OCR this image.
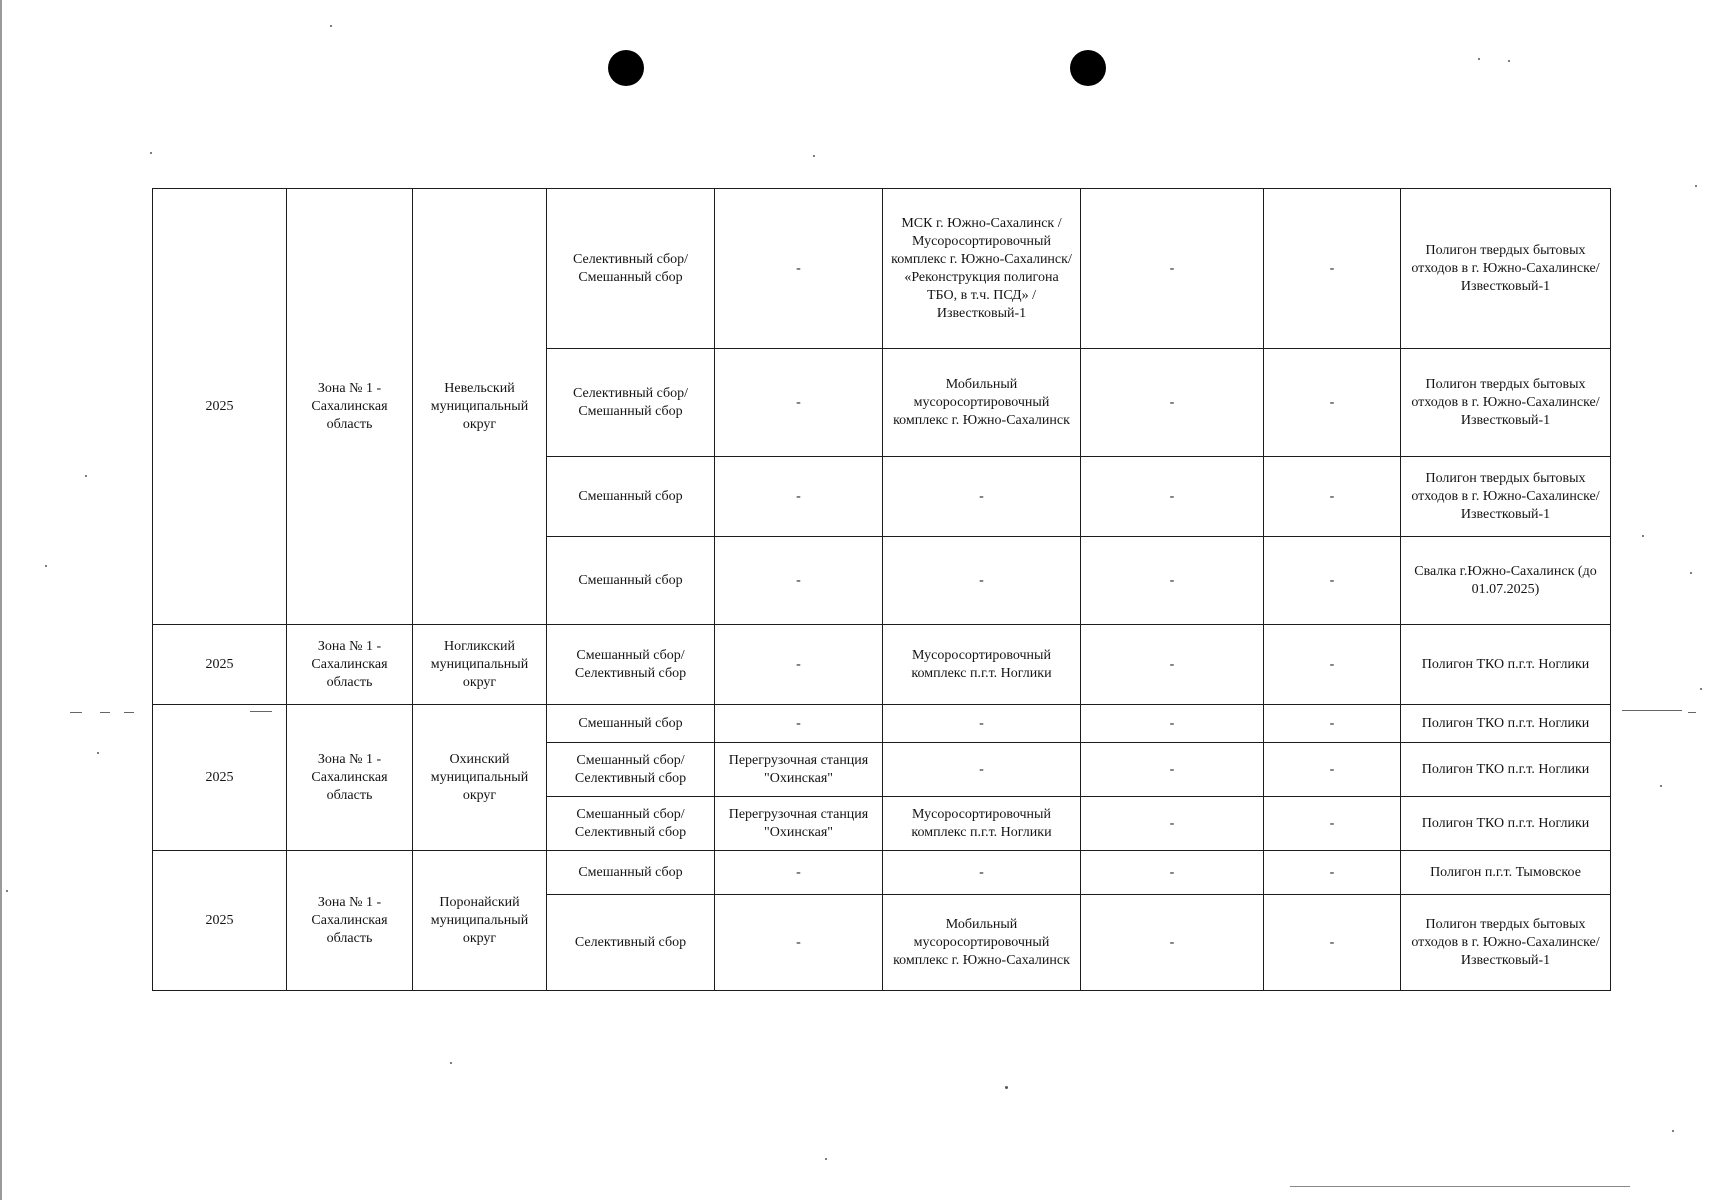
2025	Зона № 1 - Сахалинская область	Невельский муниципальный округ	Селективный сбор/ Смешанный сбор	-	МСК г. Южно-Сахалинск / Мусоросортировочный комплекс г. Южно-Сахалинск/ «Реконструкция полигона ТБО, в т.ч. ПСД» / Известковый-1	-	-	Полигон твердых бытовых отходов в г. Южно-Сахалинске/Известковый-1
			Селективный сбор/ Смешанный сбор	-	Мобильный мусоросортировочный комплекс г. Южно-Сахалинск	-	-	Полигон твердых бытовых отходов в г. Южно-Сахалинске/Известковый-1
			Смешанный сбор	-	-	-	-	Полигон твердых бытовых отходов в г. Южно-Сахалинске/Известковый-1
			Смешанный сбор	-	-	-	-	Свалка г.Южно-Сахалинск (до 01.07.2025)
2025	Зона № 1 - Сахалинская область	Ногликский муниципальный округ	Смешанный сбор/ Селективный сбор	-	Мусоросортировочный комплекс п.г.т. Ноглики	-	-	Полигон ТКО п.г.т. Ноглики
2025	Зона № 1 - Сахалинская область	Охинский муниципальный округ	Смешанный сбор	-	-	-	-	Полигон ТКО п.г.т. Ноглики
			Смешанный сбор/ Селективный сбор	Перегрузочная станция "Охинская"	-	-	-	Полигон ТКО п.г.т. Ноглики
			Смешанный сбор/ Селективный сбор	Перегрузочная станция "Охинская"	Мусоросортировочный комплекс п.г.т. Ноглики	-	-	Полигон ТКО п.г.т. Ноглики
2025	Зона № 1 - Сахалинская область	Поронайский муниципальный округ	Смешанный сбор	-	-	-	-	Полигон п.г.т. Тымовское
			Селективный сбор	-	Мобильный мусоросортировочный комплекс г. Южно-Сахалинск	-	-	Полигон твердых бытовых отходов в г. Южно-Сахалинске/Известковый-1
